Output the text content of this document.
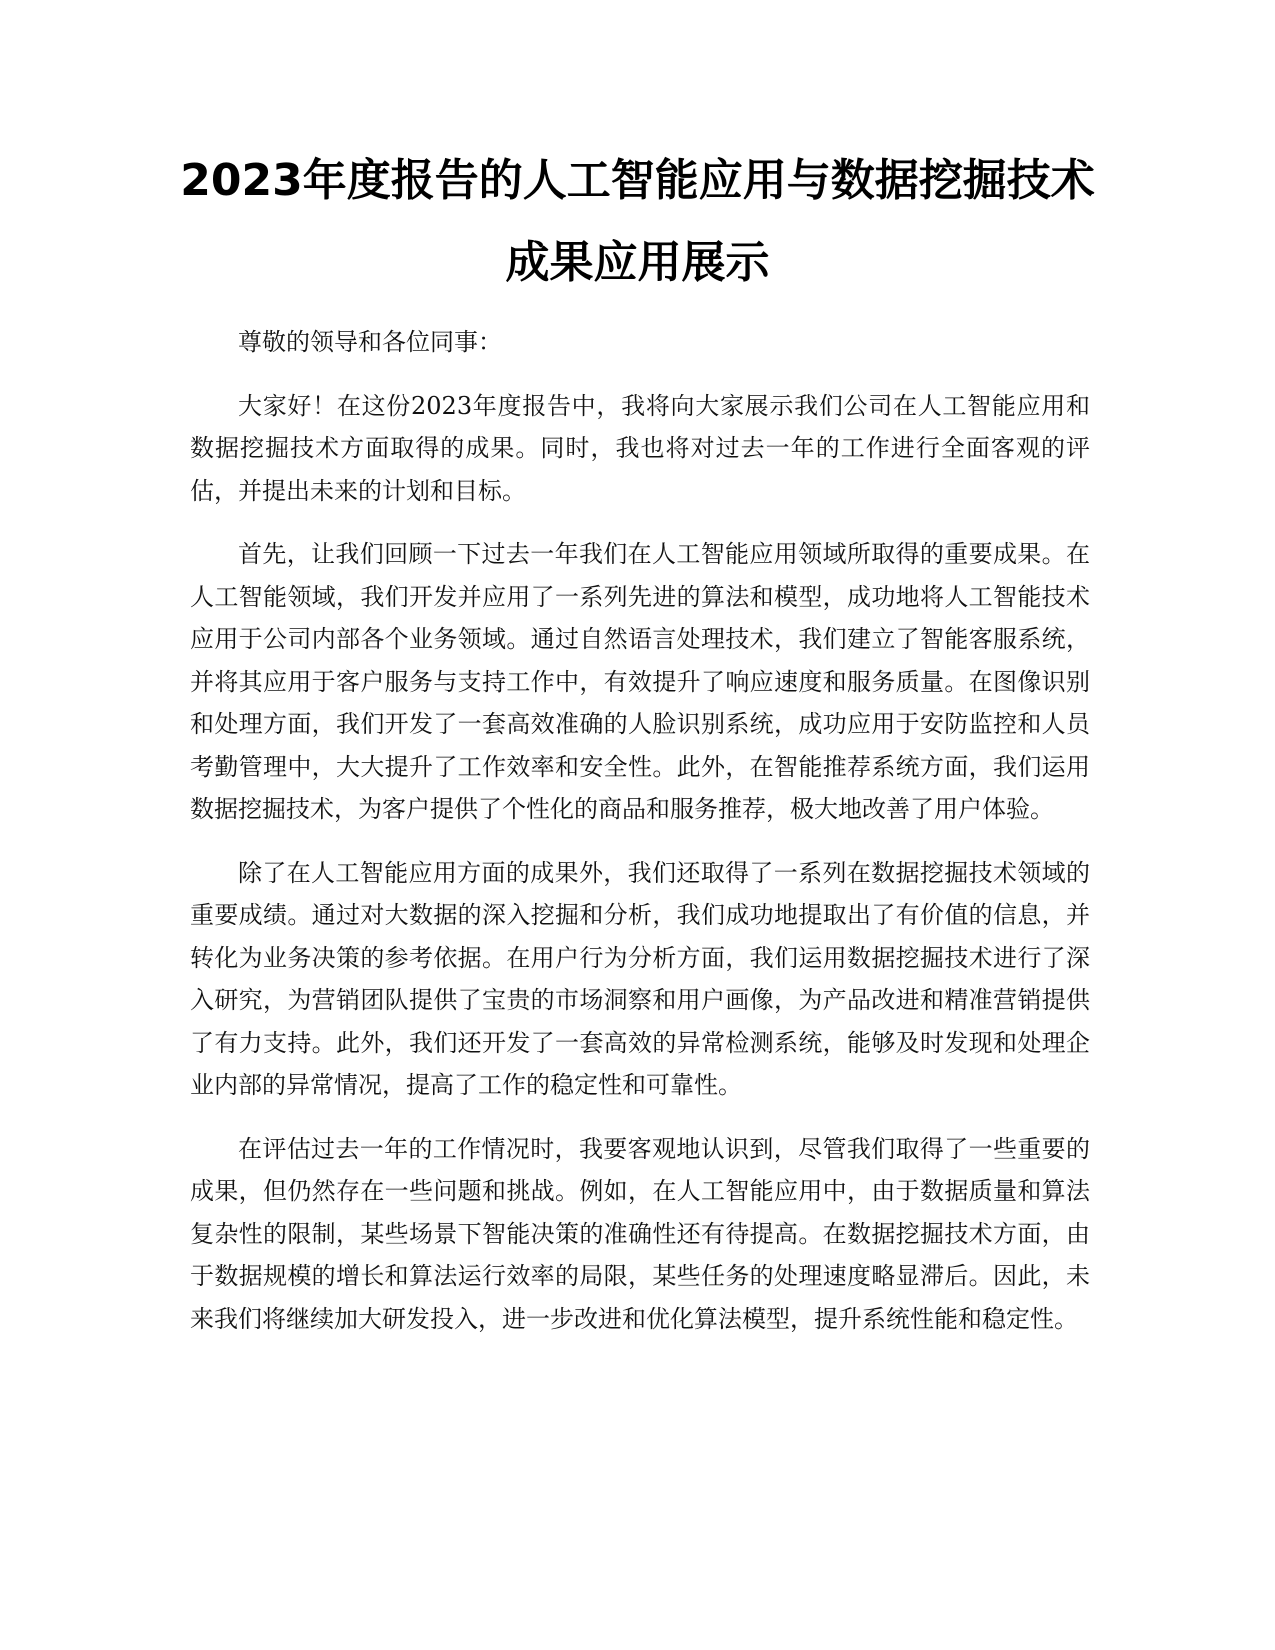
2023年度报告的人工智能应用与数据挖掘技术成果应用展示

尊敬的领导和各位同事：

大家好！在这份2023年度报告中，我将向大家展示我们公司在人工智能应用和数据挖掘技术方面取得的成果。同时，我也将对过去一年的工作进行全面客观的评估，并提出未来的计划和目标。

首先，让我们回顾一下过去一年我们在人工智能应用领域所取得的重要成果。在人工智能领域，我们开发并应用了一系列先进的算法和模型，成功地将人工智能技术应用于公司内部各个业务领域。通过自然语言处理技术，我们建立了智能客服系统，并将其应用于客户服务与支持工作中，有效提升了响应速度和服务质量。在图像识别和处理方面，我们开发了一套高效准确的人脸识别系统，成功应用于安防监控和人员考勤管理中，大大提升了工作效率和安全性。此外，在智能推荐系统方面，我们运用数据挖掘技术，为客户提供了个性化的商品和服务推荐，极大地改善了用户体验。

除了在人工智能应用方面的成果外，我们还取得了一系列在数据挖掘技术领域的重要成绩。通过对大数据的深入挖掘和分析，我们成功地提取出了有价值的信息，并转化为业务决策的参考依据。在用户行为分析方面，我们运用数据挖掘技术进行了深入研究，为营销团队提供了宝贵的市场洞察和用户画像，为产品改进和精准营销提供了有力支持。此外，我们还开发了一套高效的异常检测系统，能够及时发现和处理企业内部的异常情况，提高了工作的稳定性和可靠性。

在评估过去一年的工作情况时，我要客观地认识到，尽管我们取得了一些重要的成果，但仍然存在一些问题和挑战。例如，在人工智能应用中，由于数据质量和算法复杂性的限制，某些场景下智能决策的准确性还有待提高。在数据挖掘技术方面，由于数据规模的增长和算法运行效率的局限，某些任务的处理速度略显滞后。因此，未来我们将继续加大研发投入，进一步改进和优化算法模型，提升系统性能和稳定性。
